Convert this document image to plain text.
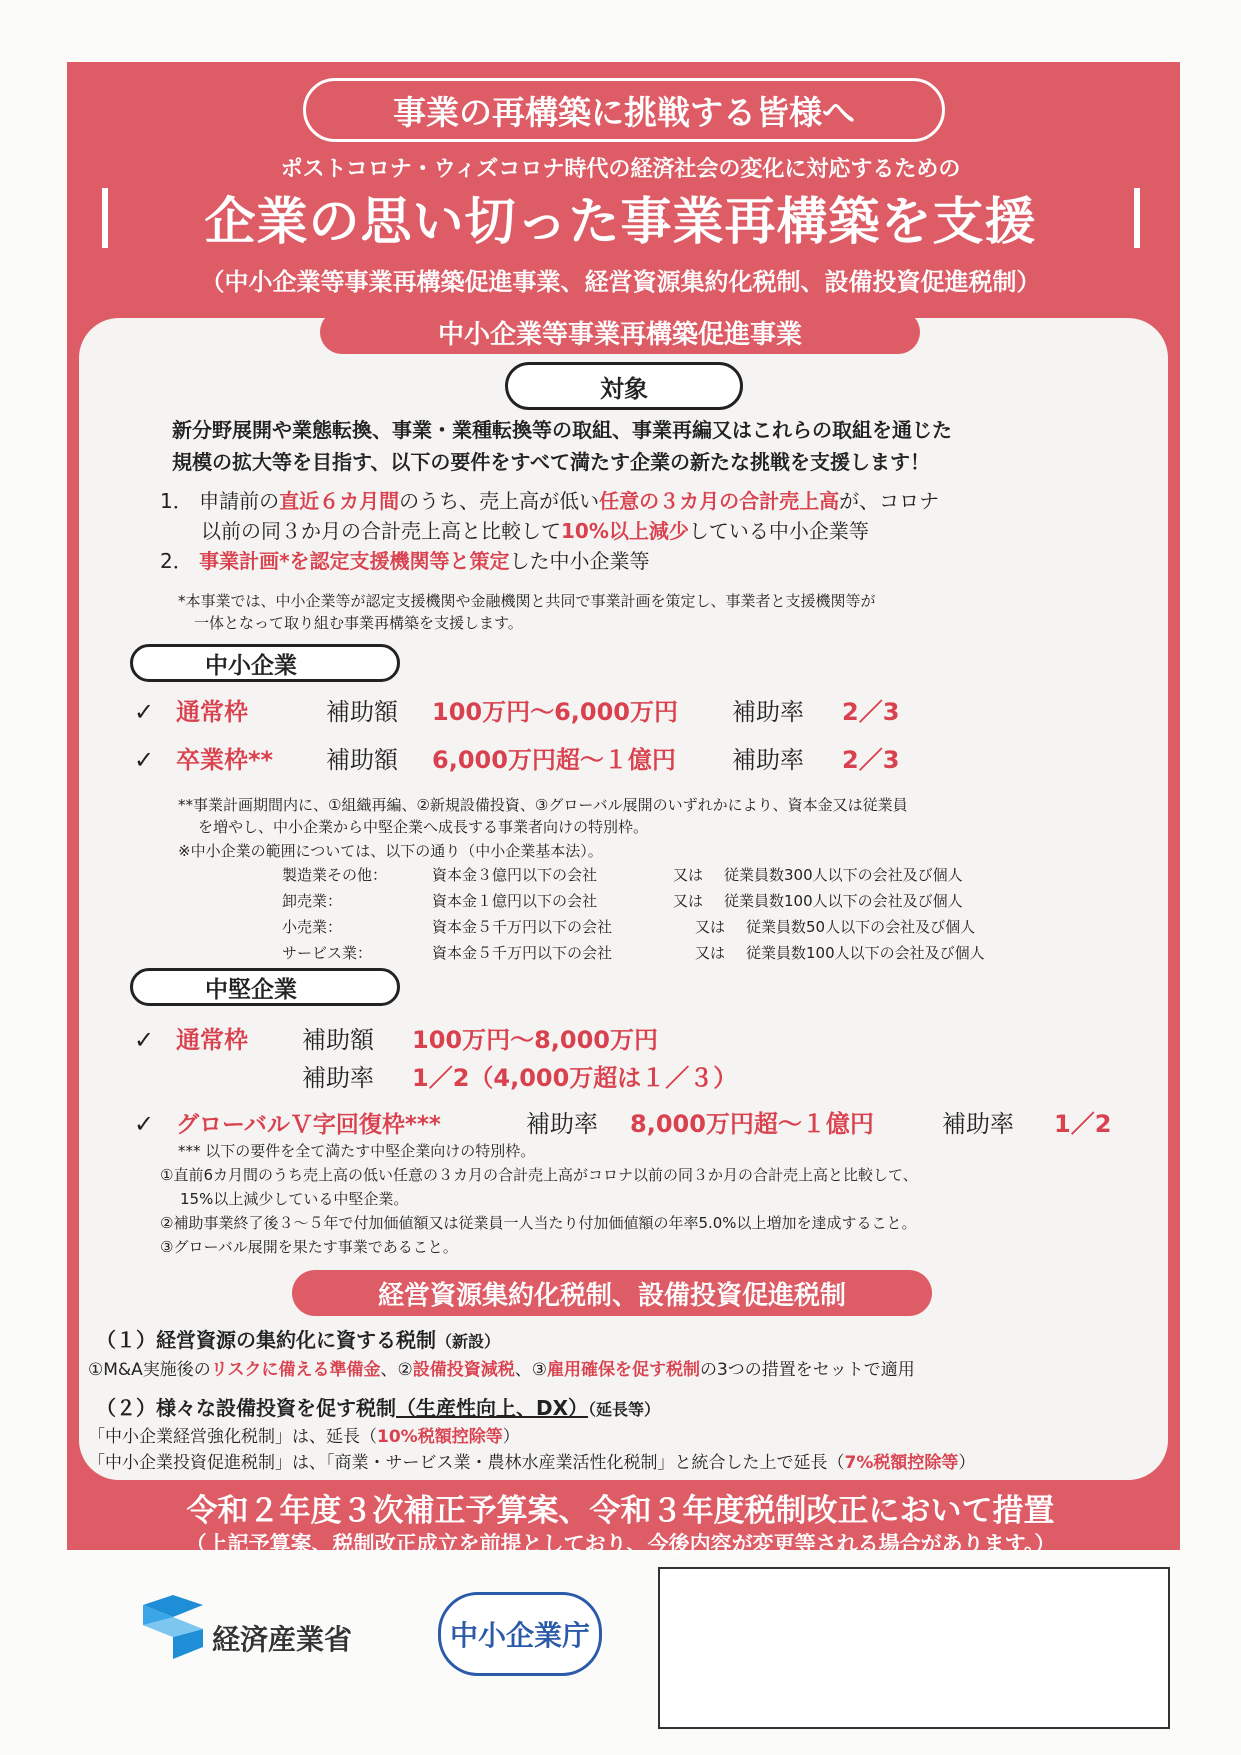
事業の再構築に挑戦する皆様へ
ポストコロナ・ウィズコロナ時代の経済社会の変化に対応するための
企業の思い切った事業再構築を支援
（中小企業等事業再構築促進事業、経営資源集約化税制、設備投資促進税制）
中小企業等事業再構築促進事業
対象
新分野展開や業態転換、事業・業種転換等の取組、事業再編又はこれらの取組を通じた
規模の拡大等を目指す、以下の要件をすべて満たす企業の新たな挑戦を支援します！
1． 申請前の直近６カ月間のうち、売上高が低い任意の３カ月の合計売上高が、コロナ
以前の同３か月の合計売上高と比較して10%以上減少している中小企業等
2． 事業計画*を認定支援機関等と策定した中小企業等
*本事業では、中小企業等が認定支援機関や金融機関と共同で事業計画を策定し、事業者と支援機関等が
一体となって取り組む事業再構築を支援します。
中小企業
✓ 通常枠	補助額	100万円～6,000万円	補助率	2／3
✓ 卒業枠**	補助額	6,000万円超～１億円	補助率	2／3
**事業計画期間内に、①組織再編、②新規設備投資、③グローバル展開のいずれかにより、資本金又は従業員
を増やし、中小企業から中堅企業へ成長する事業者向けの特別枠。
※中小企業の範囲については、以下の通り（中小企業基本法）。
製造業その他：	資本金３億円以下の会社	又は 従業員数300人以下の会社及び個人
卸売業：	資本金１億円以下の会社	又は 従業員数100人以下の会社及び個人
小売業：	資本金５千万円以下の会社	又は 従業員数50人以下の会社及び個人
サービス業：	資本金５千万円以下の会社	又は 従業員数100人以下の会社及び個人
中堅企業
✓ 通常枠	補助額	100万円～8,000万円
補助率	1／2（4,000万超は１／３）
✓ グローバルＶ字回復枠***	補助率	8,000万円超～１億円	補助率	1／2
*** 以下の要件を全て満たす中堅企業向けの特別枠。
①直前6カ月間のうち売上高の低い任意の３カ月の合計売上高がコロナ以前の同３か月の合計売上高と比較して、
15%以上減少している中堅企業。
②補助事業終了後３～５年で付加価値額又は従業員一人当たり付加価値額の年率5.0%以上増加を達成すること。
③グローバル展開を果たす事業であること。
経営資源集約化税制、設備投資促進税制
（１）経営資源の集約化に資する税制（新設）
①M&A実施後のリスクに備える準備金、②設備投資減税、③雇用確保を促す税制の3つの措置をセットで適用
（２）様々な設備投資を促す税制（生産性向上、DX）（延長等）
「中小企業経営強化税制」は、延長（10%税額控除等）
「中小企業投資促進税制」は、「商業・サービス業・農林水産業活性化税制」と統合した上で延長（7%税額控除等）
令和２年度３次補正予算案、令和３年度税制改正において措置
（上記予算案、税制改正成立を前提としており、今後内容が変更等される場合があります。）
経済産業省	中小企業庁
